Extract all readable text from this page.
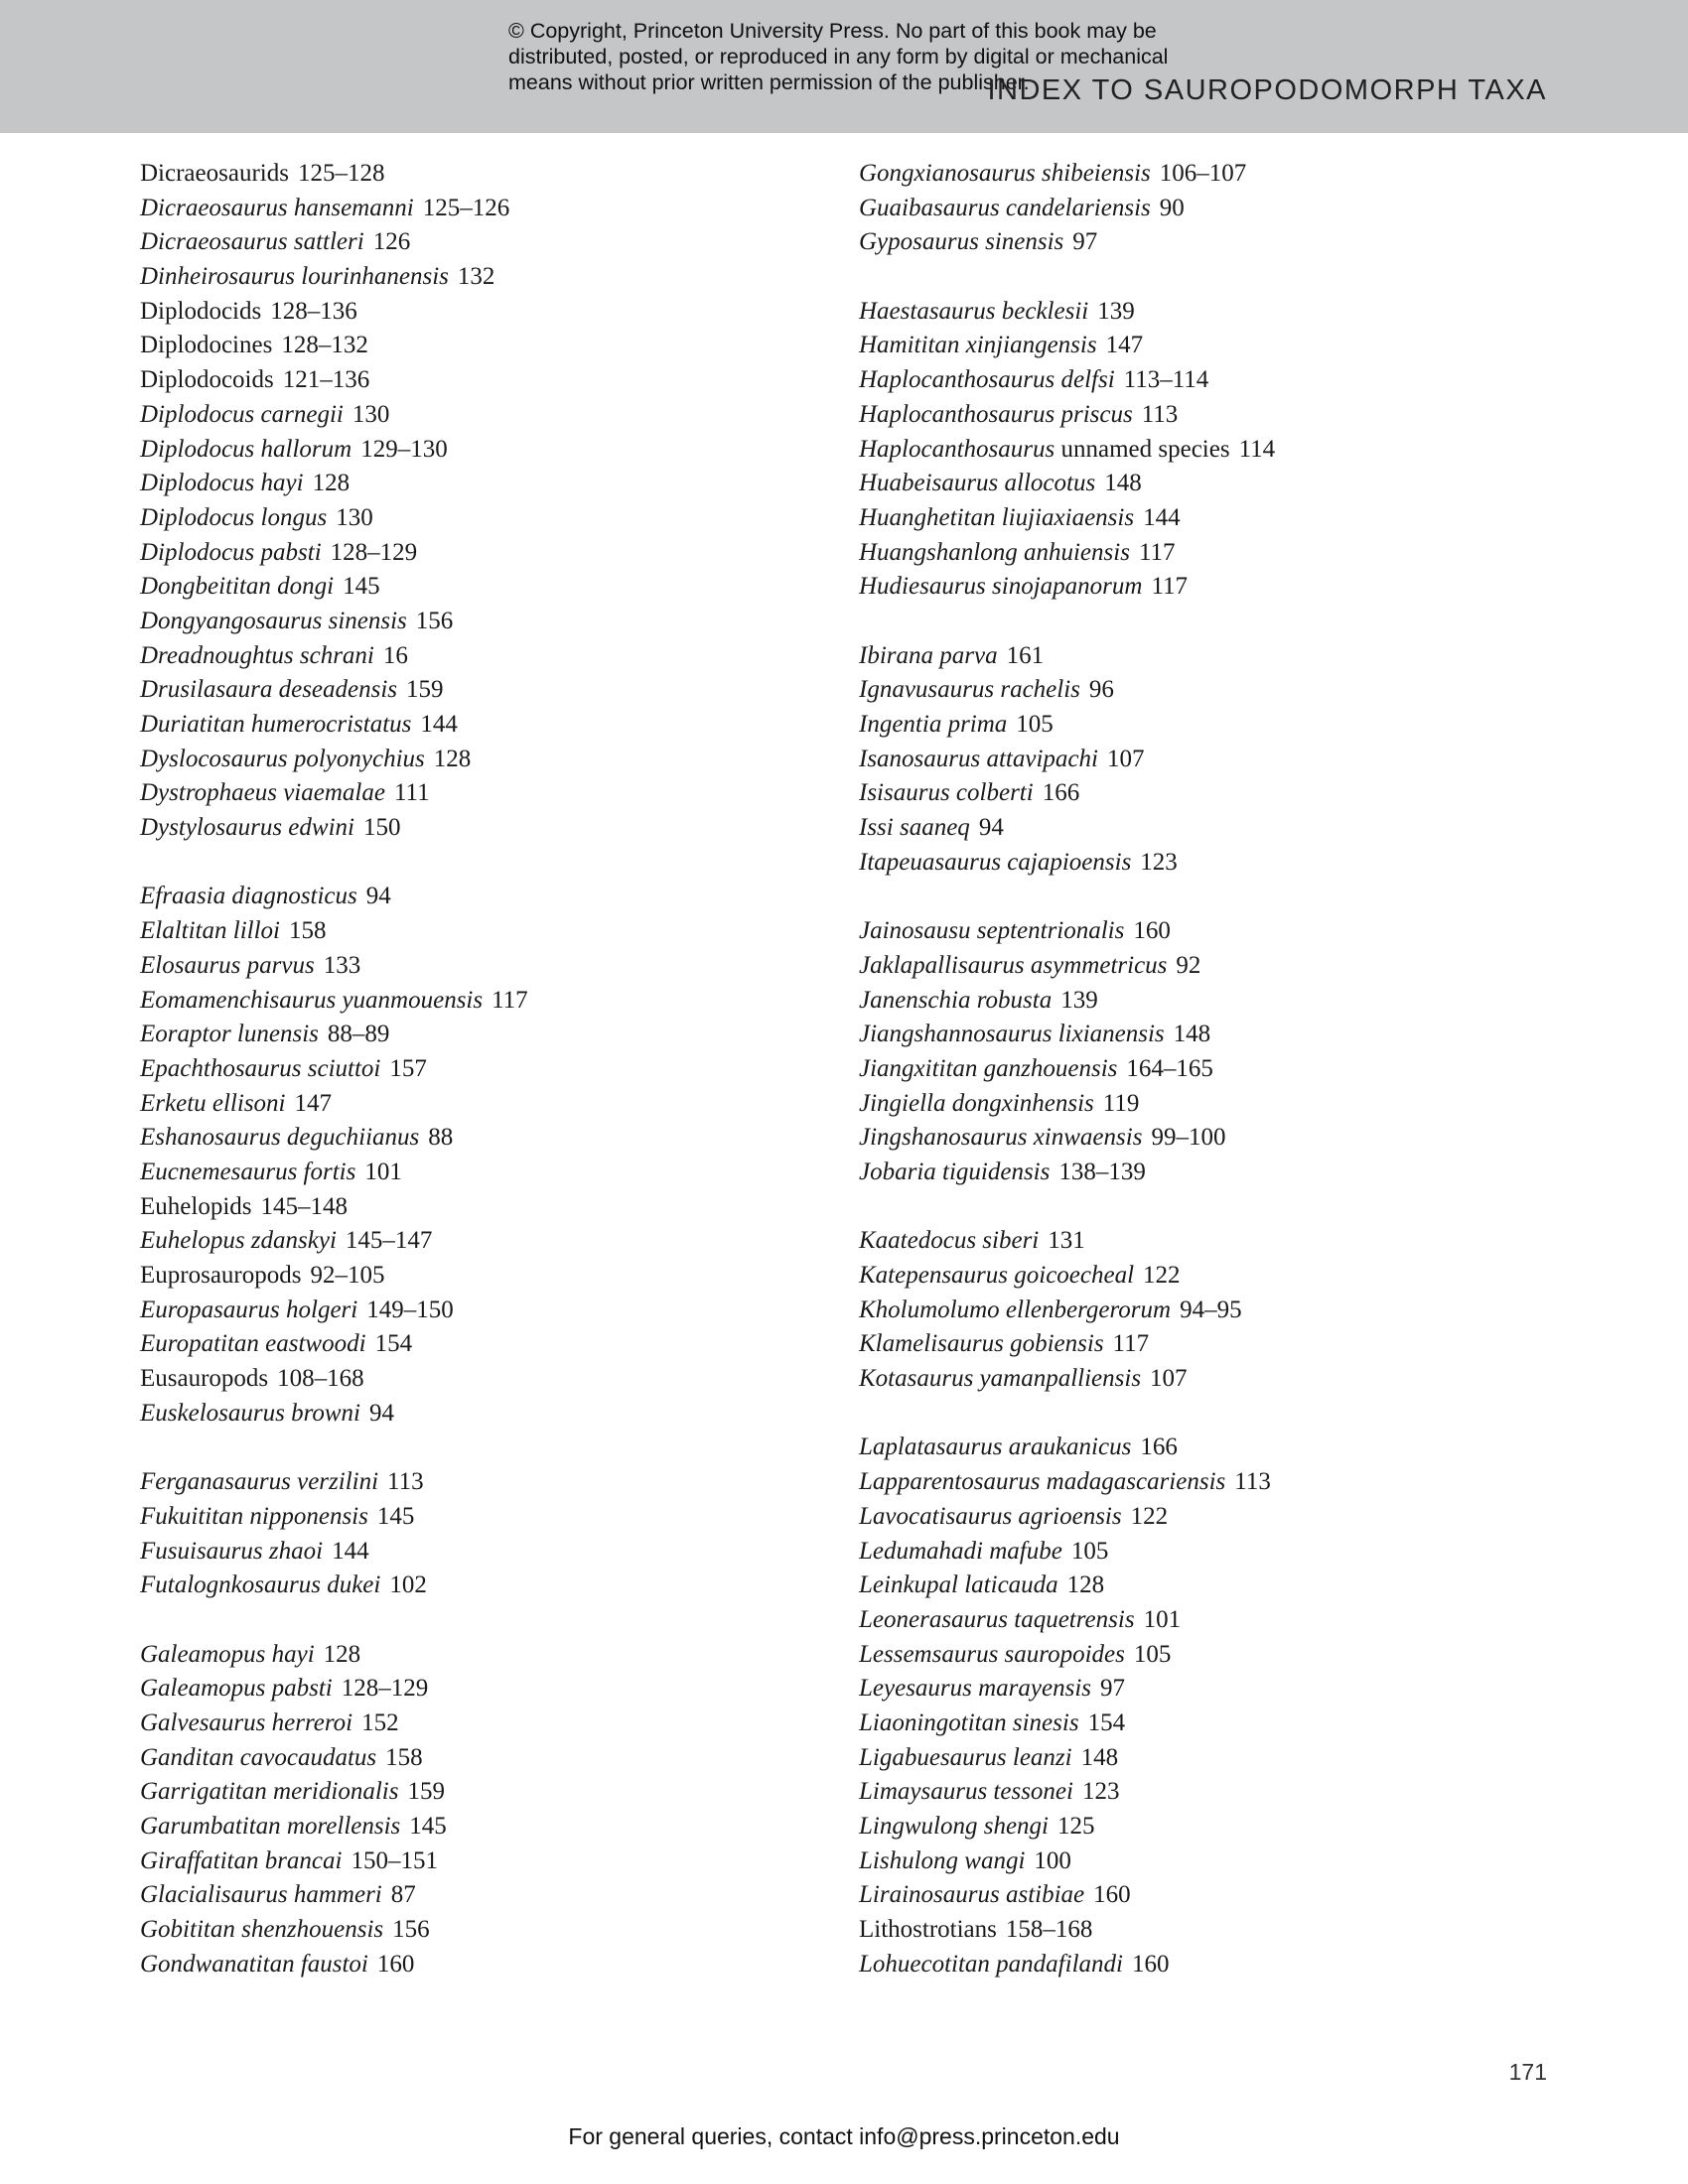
© Copyright, Princeton University Press. No part of this book may be
distributed, posted, or reproduced in any form by digital or mechanical
means without prior written permission of the publisher.
INDEX TO SAUROPODOMORPH TAXA
Dicraeosaurids 125–128
Dicraeosaurus hansemanni 125–126
Dicraeosaurus sattleri 126
Dinheirosaurus lourinhanensis 132
Diplodocids 128–136
Diplodocines 128–132
Diplodocoids 121–136
Diplodocus carnegii 130
Diplodocus hallorum 129–130
Diplodocus hayi 128
Diplodocus longus 130
Diplodocus pabsti 128–129
Dongbeititan dongi 145
Dongyangosaurus sinensis 156
Dreadnoughtus schrani 16
Drusilasaura deseadensis 159
Duriatitan humerocristatus 144
Dyslocosaurus polyonychius 128
Dystrophaeus viaemalae 111
Dystylosaurus edwini 150
Efraasia diagnosticus 94
Elaltitan lilloi 158
Elosaurus parvus 133
Eomamenchisaurus yuanmouensis 117
Eoraptor lunensis 88–89
Epachthosaurus sciuttoi 157
Erketu ellisoni 147
Eshanosaurus deguchiianus 88
Eucnemesaurus fortis 101
Euhelopids 145–148
Euhelopus zdanskyi 145–147
Euprosauropods 92–105
Europasaurus holgeri 149–150
Europatitan eastwoodi 154
Eusauropods 108–168
Euskelosaurus browni 94
Ferganasaurus verzilini 113
Fukuititan nipponensis 145
Fusuisaurus zhaoi 144
Futalognkosaurus dukei 102
Galeamopus hayi 128
Galeamopus pabsti 128–129
Galvesaurus herreroi 152
Ganditan cavocaudatus 158
Garrigatitan meridionalis 159
Garumbatitan morellensis 145
Giraffatitan brancai 150–151
Glacialisaurus hammeri 87
Gobititan shenzhouensis 156
Gondwanatitan faustoi 160
Gongxianosaurus shibeiensis 106–107
Guaibasaurus candelariensis 90
Gyposaurus sinensis 97
Haestasaurus becklesii 139
Hamititan xinjiangensis 147
Haplocanthosaurus delfsi 113–114
Haplocanthosaurus priscus 113
Haplocanthosaurus unnamed species 114
Huabeisaurus allocotus 148
Huanghetitan liujiaxiaensis 144
Huangshanlong anhuiensis 117
Hudiesaurus sinojapanorum 117
Ibirana parva 161
Ignavusaurus rachelis 96
Ingentia prima 105
Isanosaurus attavipachi 107
Isisaurus colberti 166
Issi saaneq 94
Itapeuasaurus cajapioensis 123
Jainosausu septentrionalis 160
Jaklapallisaurus asymmetricus 92
Janenschia robusta 139
Jiangshannosaurus lixianensis 148
Jiangxititan ganzhouensis 164–165
Jingiella dongxinhensis 119
Jingshanosaurus xinwaensis 99–100
Jobaria tiguidensis 138–139
Kaatedocus siberi 131
Katepensaurus goicoecheal 122
Kholumolumo ellenbergerorum 94–95
Klamelisaurus gobiensis 117
Kotasaurus yamanpalliensis 107
Laplatasaurus araukanicus 166
Lapparentosaurus madagascariensis 113
Lavocatisaurus agrioensis 122
Ledumahadi mafube 105
Leinkupal laticauda 128
Leonerasaurus taquetrensis 101
Lessemsaurus sauropoides 105
Leyesaurus marayensis 97
Liaoningotitan sinesis 154
Ligabuesaurus leanzi 148
Limaysaurus tessonei 123
Lingwulong shengi 125
Lishulong wangi 100
Lirainosaurus astibiae 160
Lithostrotians 158–168
Lohuecotitan pandafilandi 160
171
For general queries, contact info@press.princeton.edu
